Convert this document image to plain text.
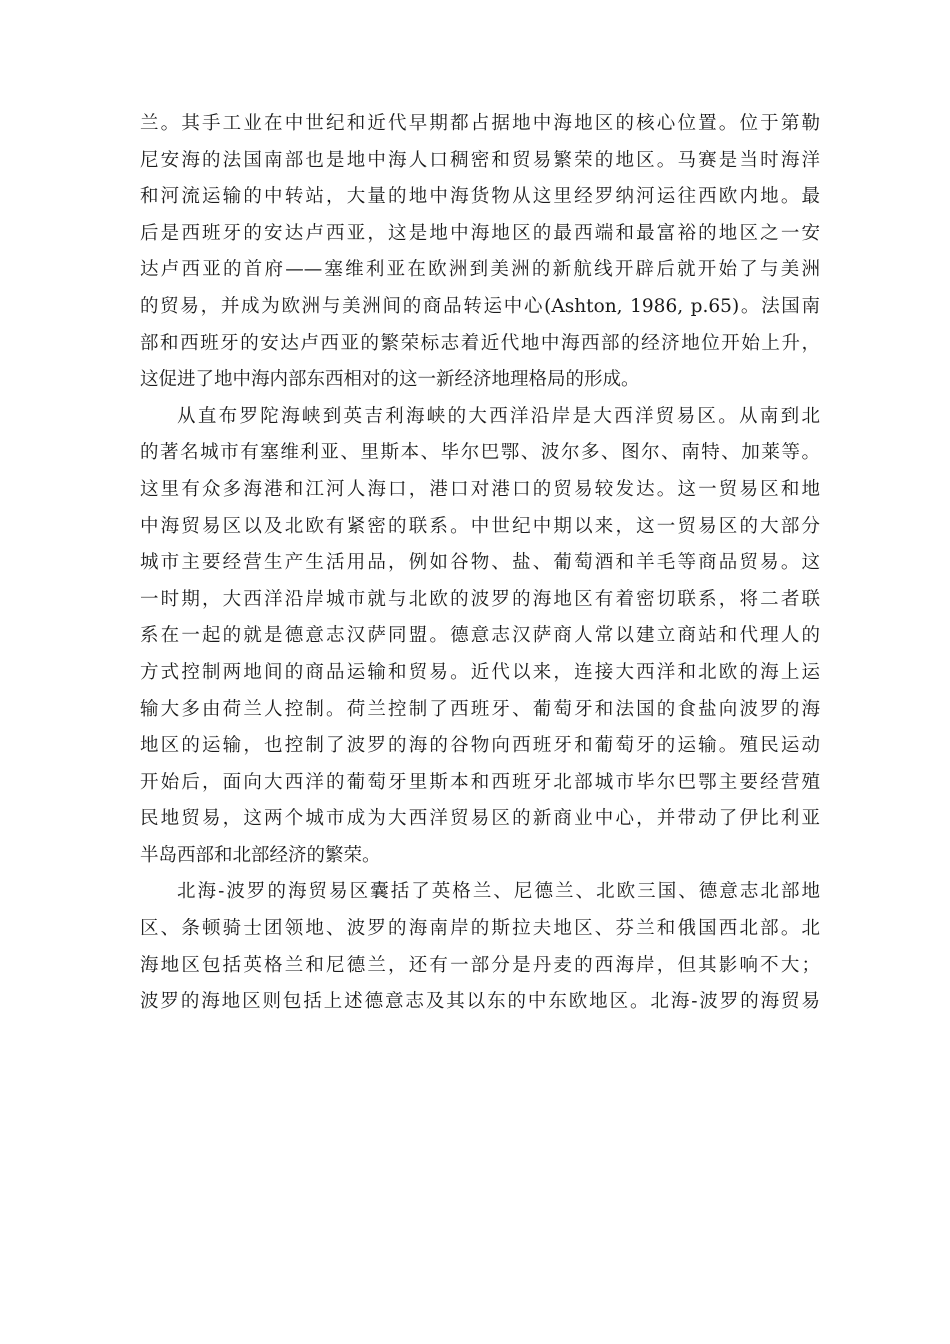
兰。其手工业在中世纪和近代早期都占据地中海地区的核心位置。位于第勒
尼安海的法国南部也是地中海人口稠密和贸易繁荣的地区。马赛是当时海洋
和河流运输的中转站，大量的地中海货物从这里经罗纳河运往西欧内地。最
后是西班牙的安达卢西亚，这是地中海地区的最西端和最富裕的地区之一安
达卢西亚的首府——塞维利亚在欧洲到美洲的新航线开辟后就开始了与美洲
的贸易，并成为欧洲与美洲间的商品转运中心(Ashton, 1986, p.65)。法国南
部和西班牙的安达卢西亚的繁荣标志着近代地中海西部的经济地位开始上升，
这促进了地中海内部东西相对的这一新经济地理格局的形成。
从直布罗陀海峡到英吉利海峡的大西洋沿岸是大西洋贸易区。从南到北
的著名城市有塞维利亚、里斯本、毕尔巴鄂、波尔多、图尔、南特、加莱等。
这里有众多海港和江河人海口，港口对港口的贸易较发达。这一贸易区和地
中海贸易区以及北欧有紧密的联系。中世纪中期以来，这一贸易区的大部分
城市主要经营生产生活用品，例如谷物、盐、葡萄酒和羊毛等商品贸易。这
一时期，大西洋沿岸城市就与北欧的波罗的海地区有着密切联系，将二者联
系在一起的就是德意志汉萨同盟。德意志汉萨商人常以建立商站和代理人的
方式控制两地间的商品运输和贸易。近代以来，连接大西洋和北欧的海上运
输大多由荷兰人控制。荷兰控制了西班牙、葡萄牙和法国的食盐向波罗的海
地区的运输，也控制了波罗的海的谷物向西班牙和葡萄牙的运输。殖民运动
开始后，面向大西洋的葡萄牙里斯本和西班牙北部城市毕尔巴鄂主要经营殖
民地贸易，这两个城市成为大西洋贸易区的新商业中心，并带动了伊比利亚
半岛西部和北部经济的繁荣。
北海-波罗的海贸易区囊括了英格兰、尼德兰、北欧三国、德意志北部地
区、条顿骑士团领地、波罗的海南岸的斯拉夫地区、芬兰和俄国西北部。北
海地区包括英格兰和尼德兰，还有一部分是丹麦的西海岸，但其影响不大；
波罗的海地区则包括上述德意志及其以东的中东欧地区。北海-波罗的海贸易
